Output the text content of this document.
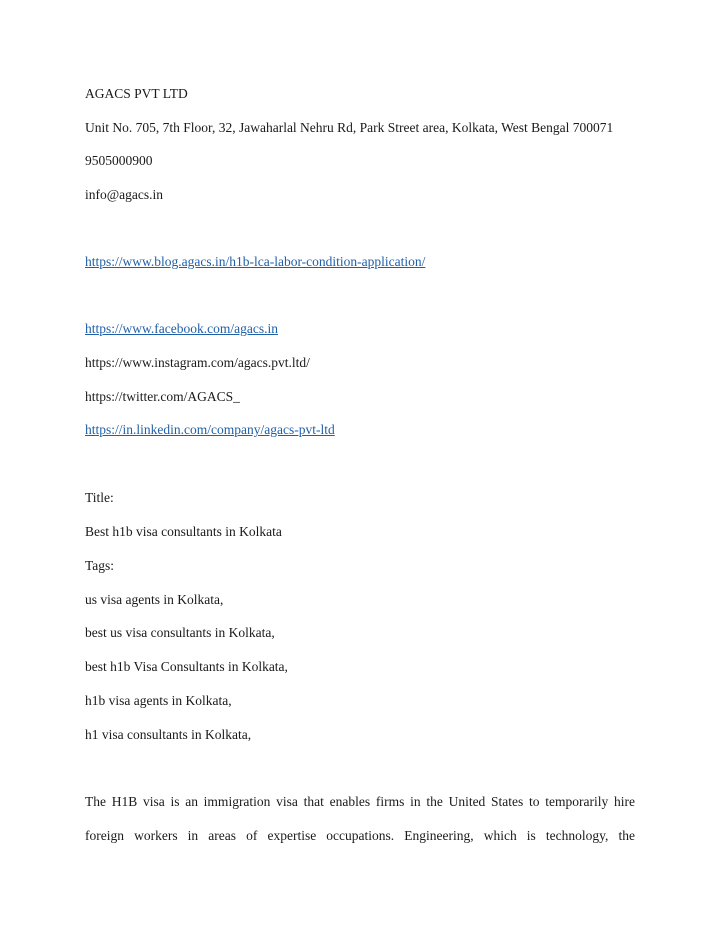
AGACS PVT LTD
Unit No. 705, 7th Floor, 32, Jawaharlal Nehru Rd, Park Street area, Kolkata, West Bengal 700071
9505000900
info@agacs.in
https://www.blog.agacs.in/h1b-lca-labor-condition-application/
https://www.facebook.com/agacs.in
https://www.instagram.com/agacs.pvt.ltd/
https://twitter.com/AGACS_
https://in.linkedin.com/company/agacs-pvt-ltd
Title:
Best h1b visa consultants in Kolkata
Tags:
us visa agents in Kolkata,
best us visa consultants in Kolkata,
best h1b Visa Consultants in Kolkata,
h1b visa agents in Kolkata,
h1 visa consultants in Kolkata,
The H1B visa is an immigration visa that enables firms in the United States to temporarily hire
foreign workers in areas of expertise occupations. Engineering, which is technology, the
